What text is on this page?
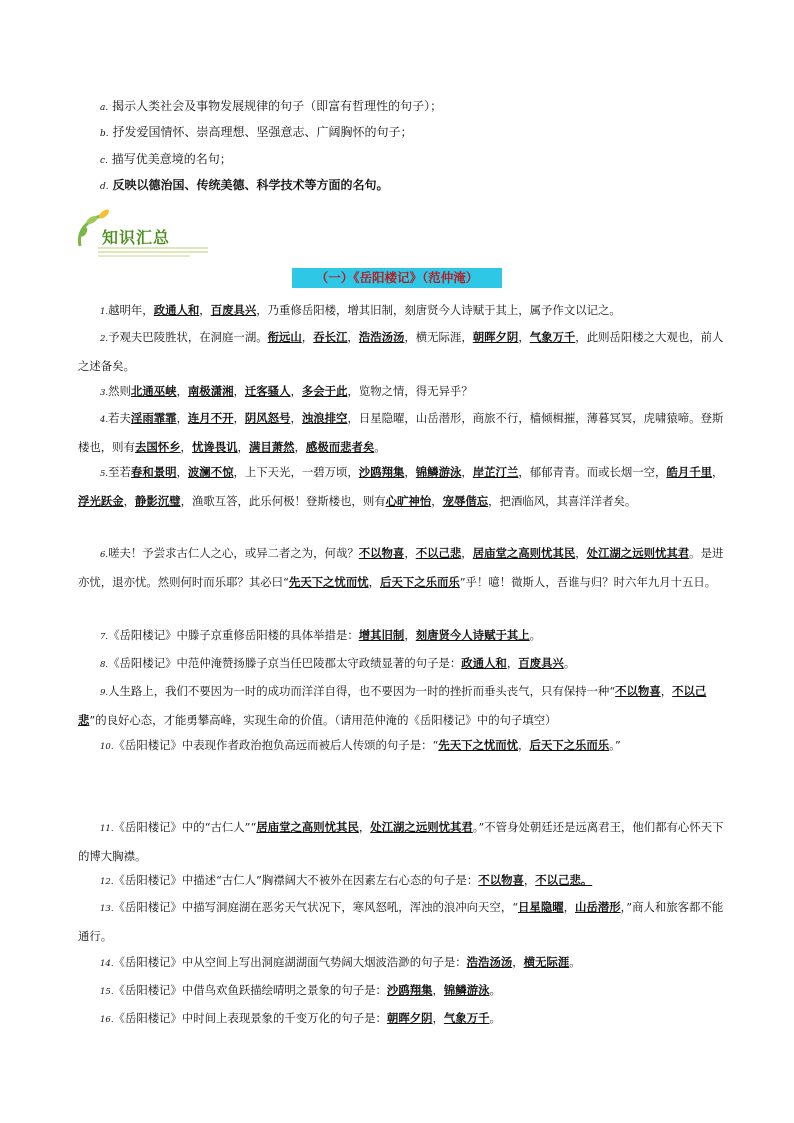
a. 揭示人类社会及事物发展规律的句子（即富有哲理性的句子）；
b. 抒发爱国情怀、崇高理想、坚强意志、广阔胸怀的句子；
c. 描写优美意境的名句；
d. 反映以德治国、传统美德、科学技术等方面的名句。
知识汇总
（一）《岳阳楼记》（范仲淹）
1.越明年，政通人和，百废具兴，乃重修岳阳楼，增其旧制，刻唐贤今人诗赋于其上，属予作文以记之。
2.予观夫巴陵胜状，在洞庭一湖。衔远山，吞长江，浩浩汤汤，横无际涯，朝晖夕阴，气象万千，此则岳阳楼之大观也，前人之述备矣。
3.然则北通巫峡，南极潇湘，迁客骚人，多会于此，览物之情，得无异乎？
4.若夫淫雨霏霏，连月不开，阴风怒号，浊浪排空，日星隐曜，山岳潜形，商旅不行，樯倾楫摧，薄暮冥冥，虎啸猿啼。登斯楼也，则有去国怀乡，忧谗畏讥，满目萧然，感极而悲者矣。
5.至若春和景明，波澜不惊，上下天光，一碧万顷，沙鸥翔集，锦鳞游泳，岸芷汀兰，郁郁青青。而或长烟一空，皓月千里，浮光跃金，静影沉璧，渔歌互答，此乐何极！登斯楼也，则有心旷神怡，宠辱偕忘，把酒临风，其喜洋洋者矣。
6.嗟夫！予尝求古仁人之心，或异二者之为，何哉？不以物喜，不以己悲，居庙堂之高则忧其民，处江湖之远则忧其君。是进亦忧，退亦忧。然则何时而乐耶？其必曰“先天下之忧而忧，后天下之乐而乐”乎！噫！微斯人，吾谁与归？时六年九月十五日。
7.《岳阳楼记》中滕子京重修岳阳楼的具体举措是：增其旧制，刻唐贤今人诗赋于其上。
8.《岳阳楼记》中范仲淹赞扬滕子京当任巴陵郡太守政绩显著的句子是：政通人和，百废具兴。
9.人生路上，我们不要因为一时的成功而洋洋自得，也不要因为一时的挫折而垂头丧气，只有保持一种“不以物喜，不以己悲”的良好心态，才能勇攀高峰，实现生命的价值。（请用范仲淹的《岳阳楼记》中的句子填空）
10.《岳阳楼记》中表现作者政治抱负高远而被后人传颂的句子是：“先天下之忧而忧，后天下之乐而乐。”
11.《岳阳楼记》中的“古仁人”“居庙堂之高则忧其民，处江湖之远则忧其君。”不管身处朝廷还是远离君王，他们都有心怀天下的博大胸襟。
12.《岳阳楼记》中描述“古仁人”胸襟阔大不被外在因素左右心态的句子是：不以物喜，不以己悲。
13.《岳阳楼记》中描写洞庭湖在恶劣天气状况下，寒风怒吼，浑浊的浪冲向天空，“日星隐曜，山岳潜形，”商人和旅客都不能通行。
14.《岳阳楼记》中从空间上写出洞庭湖湖面气势阔大烟波浩渺的句子是：浩浩汤汤，横无际涯。
15.《岳阳楼记》中借鸟欢鱼跃描绘晴明之景象的句子是：沙鸥翔集，锦鳞游泳。
16.《岳阳楼记》中时间上表现景象的千变万化的句子是：朝晖夕阴，气象万千。
